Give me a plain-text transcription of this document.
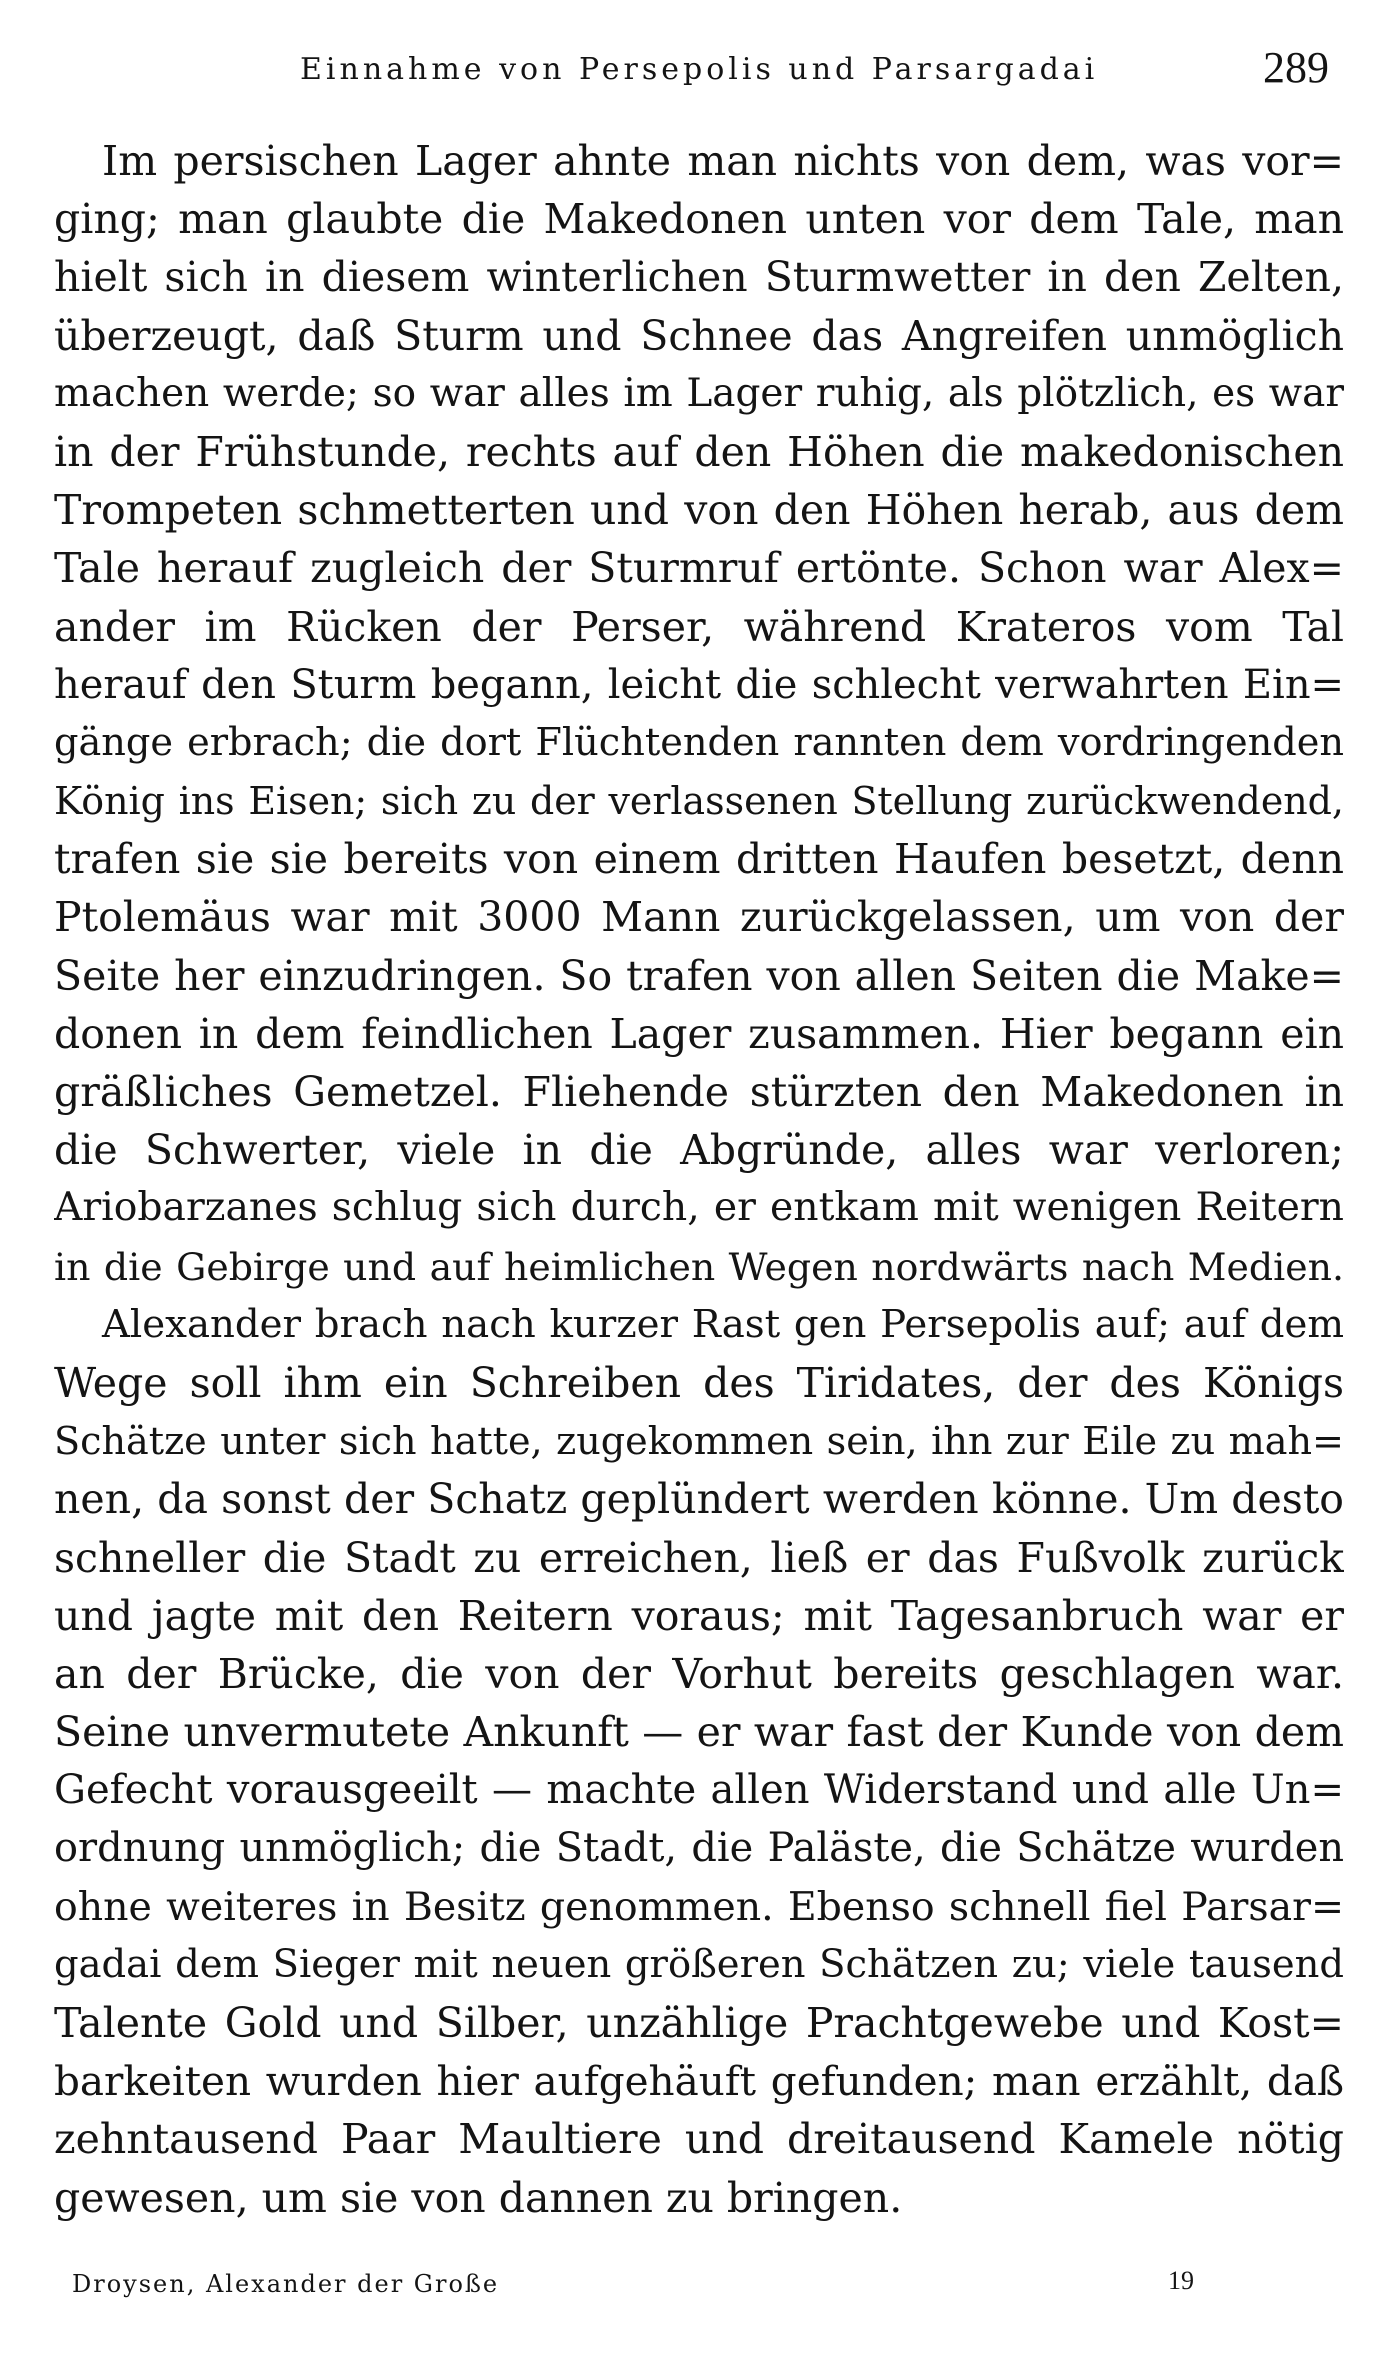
Einnahme von Persepolis und Parsargadai	289
Im persischen Lager ahnte man nichts von dem, was vor=
ging; man glaubte die Makedonen unten vor dem Tale, man
hielt sich in diesem winterlichen Sturmwetter in den Zelten,
überzeugt, daß Sturm und Schnee das Angreifen unmöglich
machen werde; so war alles im Lager ruhig, als plötzlich, es war
in der Frühstunde, rechts auf den Höhen die makedonischen
Trompeten schmetterten und von den Höhen herab, aus dem
Tale herauf zugleich der Sturmruf ertönte. Schon war Alex=
ander im Rücken der Perser, während Krateros vom Tal
herauf den Sturm begann, leicht die schlecht verwahrten Ein=
gänge erbrach; die dort Flüchtenden rannten dem vordringenden
König ins Eisen; sich zu der verlassenen Stellung zurückwendend,
trafen sie sie bereits von einem dritten Haufen besetzt, denn
Ptolemäus war mit 3000 Mann zurückgelassen, um von der
Seite her einzudringen. So trafen von allen Seiten die Make=
donen in dem feindlichen Lager zusammen. Hier begann ein
gräßliches Gemetzel. Fliehende stürzten den Makedonen in
die Schwerter, viele in die Abgründe, alles war verloren;
Ariobarzanes schlug sich durch, er entkam mit wenigen Reitern
in die Gebirge und auf heimlichen Wegen nordwärts nach Medien.
Alexander brach nach kurzer Rast gen Persepolis auf; auf dem
Wege soll ihm ein Schreiben des Tiridates, der des Königs
Schätze unter sich hatte, zugekommen sein, ihn zur Eile zu mah=
nen, da sonst der Schatz geplündert werden könne. Um desto
schneller die Stadt zu erreichen, ließ er das Fußvolk zurück
und jagte mit den Reitern voraus; mit Tagesanbruch war er
an der Brücke, die von der Vorhut bereits geschlagen war.
Seine unvermutete Ankunft — er war fast der Kunde von dem
Gefecht vorausgeeilt — machte allen Widerstand und alle Un=
ordnung unmöglich; die Stadt, die Paläste, die Schätze wurden
ohne weiteres in Besitz genommen. Ebenso schnell fiel Parsar=
gadai dem Sieger mit neuen größeren Schätzen zu; viele tausend
Talente Gold und Silber, unzählige Prachtgewebe und Kost=
barkeiten wurden hier aufgehäuft gefunden; man erzählt, daß
zehntausend Paar Maultiere und dreitausend Kamele nötig
gewesen, um sie von dannen zu bringen.
Droysen, Alexander der Große	19
